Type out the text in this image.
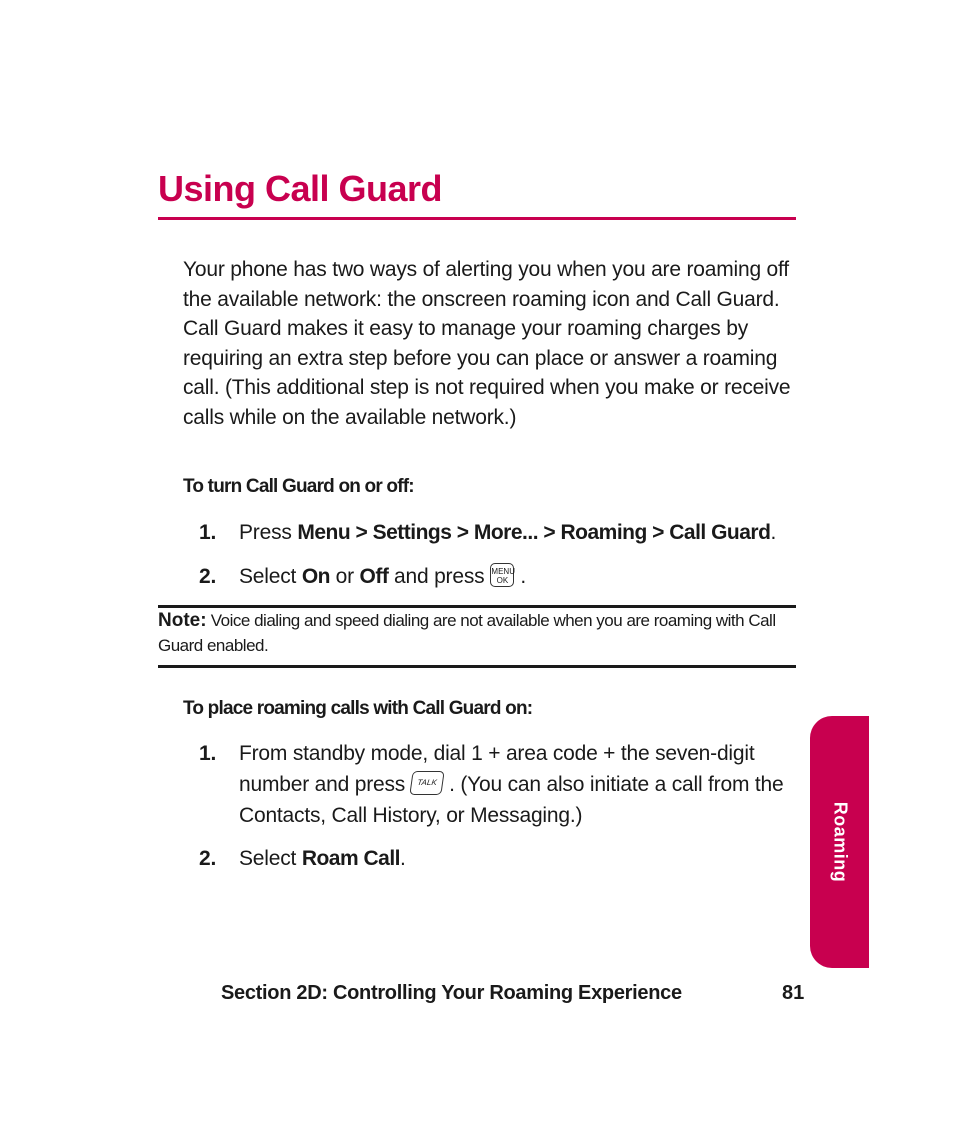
Using Call Guard

Your phone has two ways of alerting you when you are roaming off the available network: the onscreen roaming icon and Call Guard. Call Guard makes it easy to manage your roaming charges by requiring an extra step before you can place or answer a roaming call. (This additional step is not required when you make or receive calls while on the available network.)

To turn Call Guard on or off:

1. Press Menu > Settings > More... > Roaming > Call Guard.
2. Select On or Off and press MENU
OK .

Note: Voice dialing and speed dialing are not available when you are roaming with Call Guard enabled.

To place roaming calls with Call Guard on:

1. From standby mode, dial 1 + area code + the seven-digit number and press TALK . (You can also initiate a call from the Contacts, Call History, or Messaging.)
2. Select Roam Call.	Roaming

Section 2D: Controlling Your Roaming Experience	81
